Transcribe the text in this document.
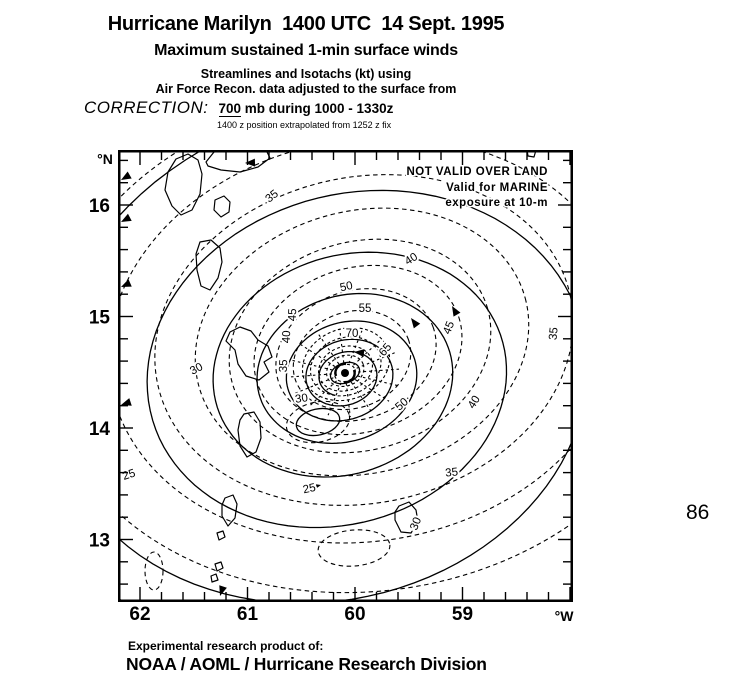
Hurricane Marilyn  1400 UTC  14 Sept. 1995
Maximum sustained 1-min surface winds
Streamlines and Isotachs (kt) using
Air Force Recon. data adjusted to the surface from
CORRECTION: 700 mb during 1000 - 1330z
1400 z position extrapolated from 1252 z fix
35
40
45
50
55
70
65
45
40
35
30
30
25
25
50	40
35
30
35
62	61	60	59
16
15
14
13
°N
°W
NOT VALID OVER LAND
Valid for MARINE
exposure at 10-m
86
Experimental research product of:
NOAA / AOML / Hurricane Research Division
